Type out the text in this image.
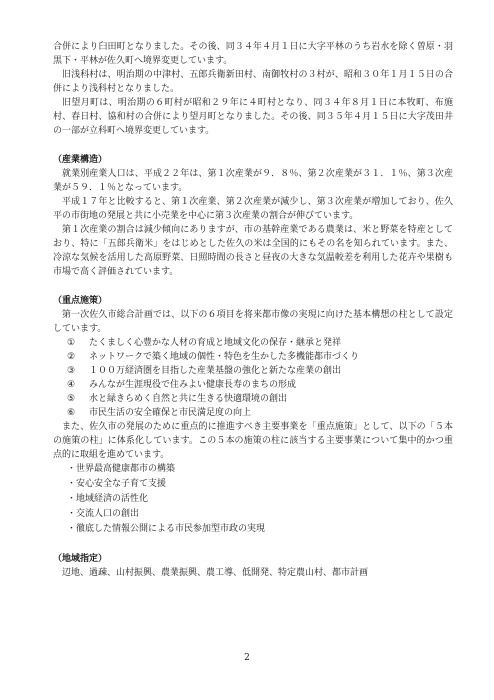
合併により臼田町となりました。その後、同３４年４月１日に大字平林のうち岩水を除く曽原・羽黒下・平林が佐久町へ境界変更しています。

旧浅科村は、明治期の中津村、五郎兵衛新田村、南御牧村の３村が、昭和３０年１月１５日の合併により浅科村となりました。

旧望月町は、明治期の６町村が昭和２９年に４町村となり、同３４年８月１日に本牧町、布施村、春日村、協和村の合併により望月町となりました。その後、同３５年４月１５日に大字茂田井の一部が立科町へ境界変更しています。

（産業構造）

就業別産業人口は、平成２２年は、第１次産業が９．８％、第２次産業が３１．１％、第３次産業が５９．１％となっています。

平成１７年と比較すると、第１次産業、第２次産業が減少し、第３次産業が増加しており、佐久平の市街地の発展と共に小売業を中心に第３次産業の割合が伸びています。

第１次産業の割合は減少傾向にありますが、市の基幹産業である農業は、米と野菜を特産としており、特に「五郎兵衛米」をはじめとした佐久の米は全国的にもその名を知られています。また、冷涼な気候を活用した高原野菜、日照時間の長さと昼夜の大きな気温較差を利用した花卉や果樹も市場で高く評価されています。

（重点施策）

第一次佐久市総合計画では、以下の６項目を将来都市像の実現に向けた基本構想の柱として設定しています。

① たくましく心豊かな人材の育成と地域文化の保存・継承と発祥

② ネットワークで築く地域の個性・特色を生かした多機能都市づくり

③ １００万経済圏を目指した産業基盤の強化と新たな産業の創出

④ みんなが生涯現役で住みよい健康長寿のまちの形成

⑤ 水と緑きらめく自然と共に生きる快適環境の創出

⑥ 市民生活の安全確保と市民満足度の向上

また、佐久市の発展のために重点的に推進すべき主要事業を「重点施策」として、以下の「５本の施策の柱」に体系化しています。この５本の施策の柱に該当する主要事業について集中的かつ重点的に取組を進めています。

・世界最高健康都市の構築

・安心安全な子育て支援

・地域経済の活性化

・交流人口の創出

・徹底した情報公開による市民参加型市政の実現

（地域指定）

辺地、過疎、山村振興、農業振興、農工導、低開発、特定農山村、都市計画

2
